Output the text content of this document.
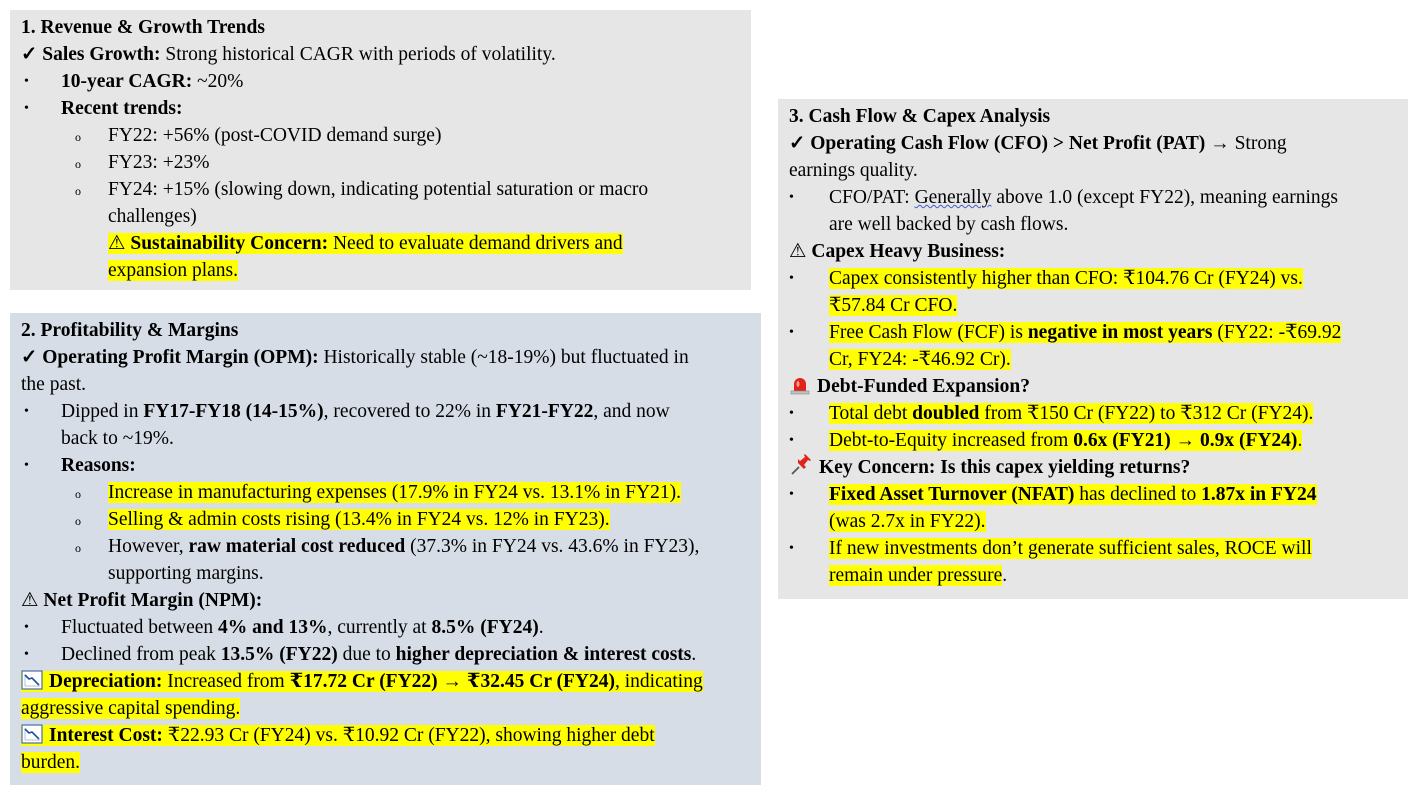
1. Revenue & Growth Trends
✓ Sales Growth: Strong historical CAGR with periods of volatility.
• 10-year CAGR: ~20%
• Recent trends:
o FY22: +56% (post-COVID demand surge)
o FY23: +23%
o FY24: +15% (slowing down, indicating potential saturation or macro
challenges)
⚠ Sustainability Concern: Need to evaluate demand drivers and
expansion plans.
2. Profitability & Margins
✓ Operating Profit Margin (OPM): Historically stable (~18-19%) but fluctuated in
the past.
• Dipped in FY17-FY18 (14-15%), recovered to 22% in FY21-FY22, and now
back to ~19%.
• Reasons:
o Increase in manufacturing expenses (17.9% in FY24 vs. 13.1% in FY21).
o Selling & admin costs rising (13.4% in FY24 vs. 12% in FY23).
o However, raw material cost reduced (37.3% in FY24 vs. 43.6% in FY23),
supporting margins.
⚠ Net Profit Margin (NPM):
• Fluctuated between 4% and 13%, currently at 8.5% (FY24).
• Declined from peak 13.5% (FY22) due to higher depreciation & interest costs.
Depreciation: Increased from ₹17.72 Cr (FY22) → ₹32.45 Cr (FY24), indicating
aggressive capital spending.
Interest Cost: ₹22.93 Cr (FY24) vs. ₹10.92 Cr (FY22), showing higher debt
burden.
3. Cash Flow & Capex Analysis
✓ Operating Cash Flow (CFO) > Net Profit (PAT) → Strong
earnings quality.
• CFO/PAT: Generally above 1.0 (except FY22), meaning earnings
are well backed by cash flows.
⚠ Capex Heavy Business:
• Capex consistently higher than CFO: ₹104.76 Cr (FY24) vs.
₹57.84 Cr CFO.
• Free Cash Flow (FCF) is negative in most years (FY22: -₹69.92
Cr, FY24: -₹46.92 Cr).
Debt-Funded Expansion?
• Total debt doubled from ₹150 Cr (FY22) to ₹312 Cr (FY24).
• Debt-to-Equity increased from 0.6x (FY21) → 0.9x (FY24).
Key Concern: Is this capex yielding returns?
• Fixed Asset Turnover (NFAT) has declined to 1.87x in FY24
(was 2.7x in FY22).
• If new investments don’t generate sufficient sales, ROCE will
remain under pressure.
